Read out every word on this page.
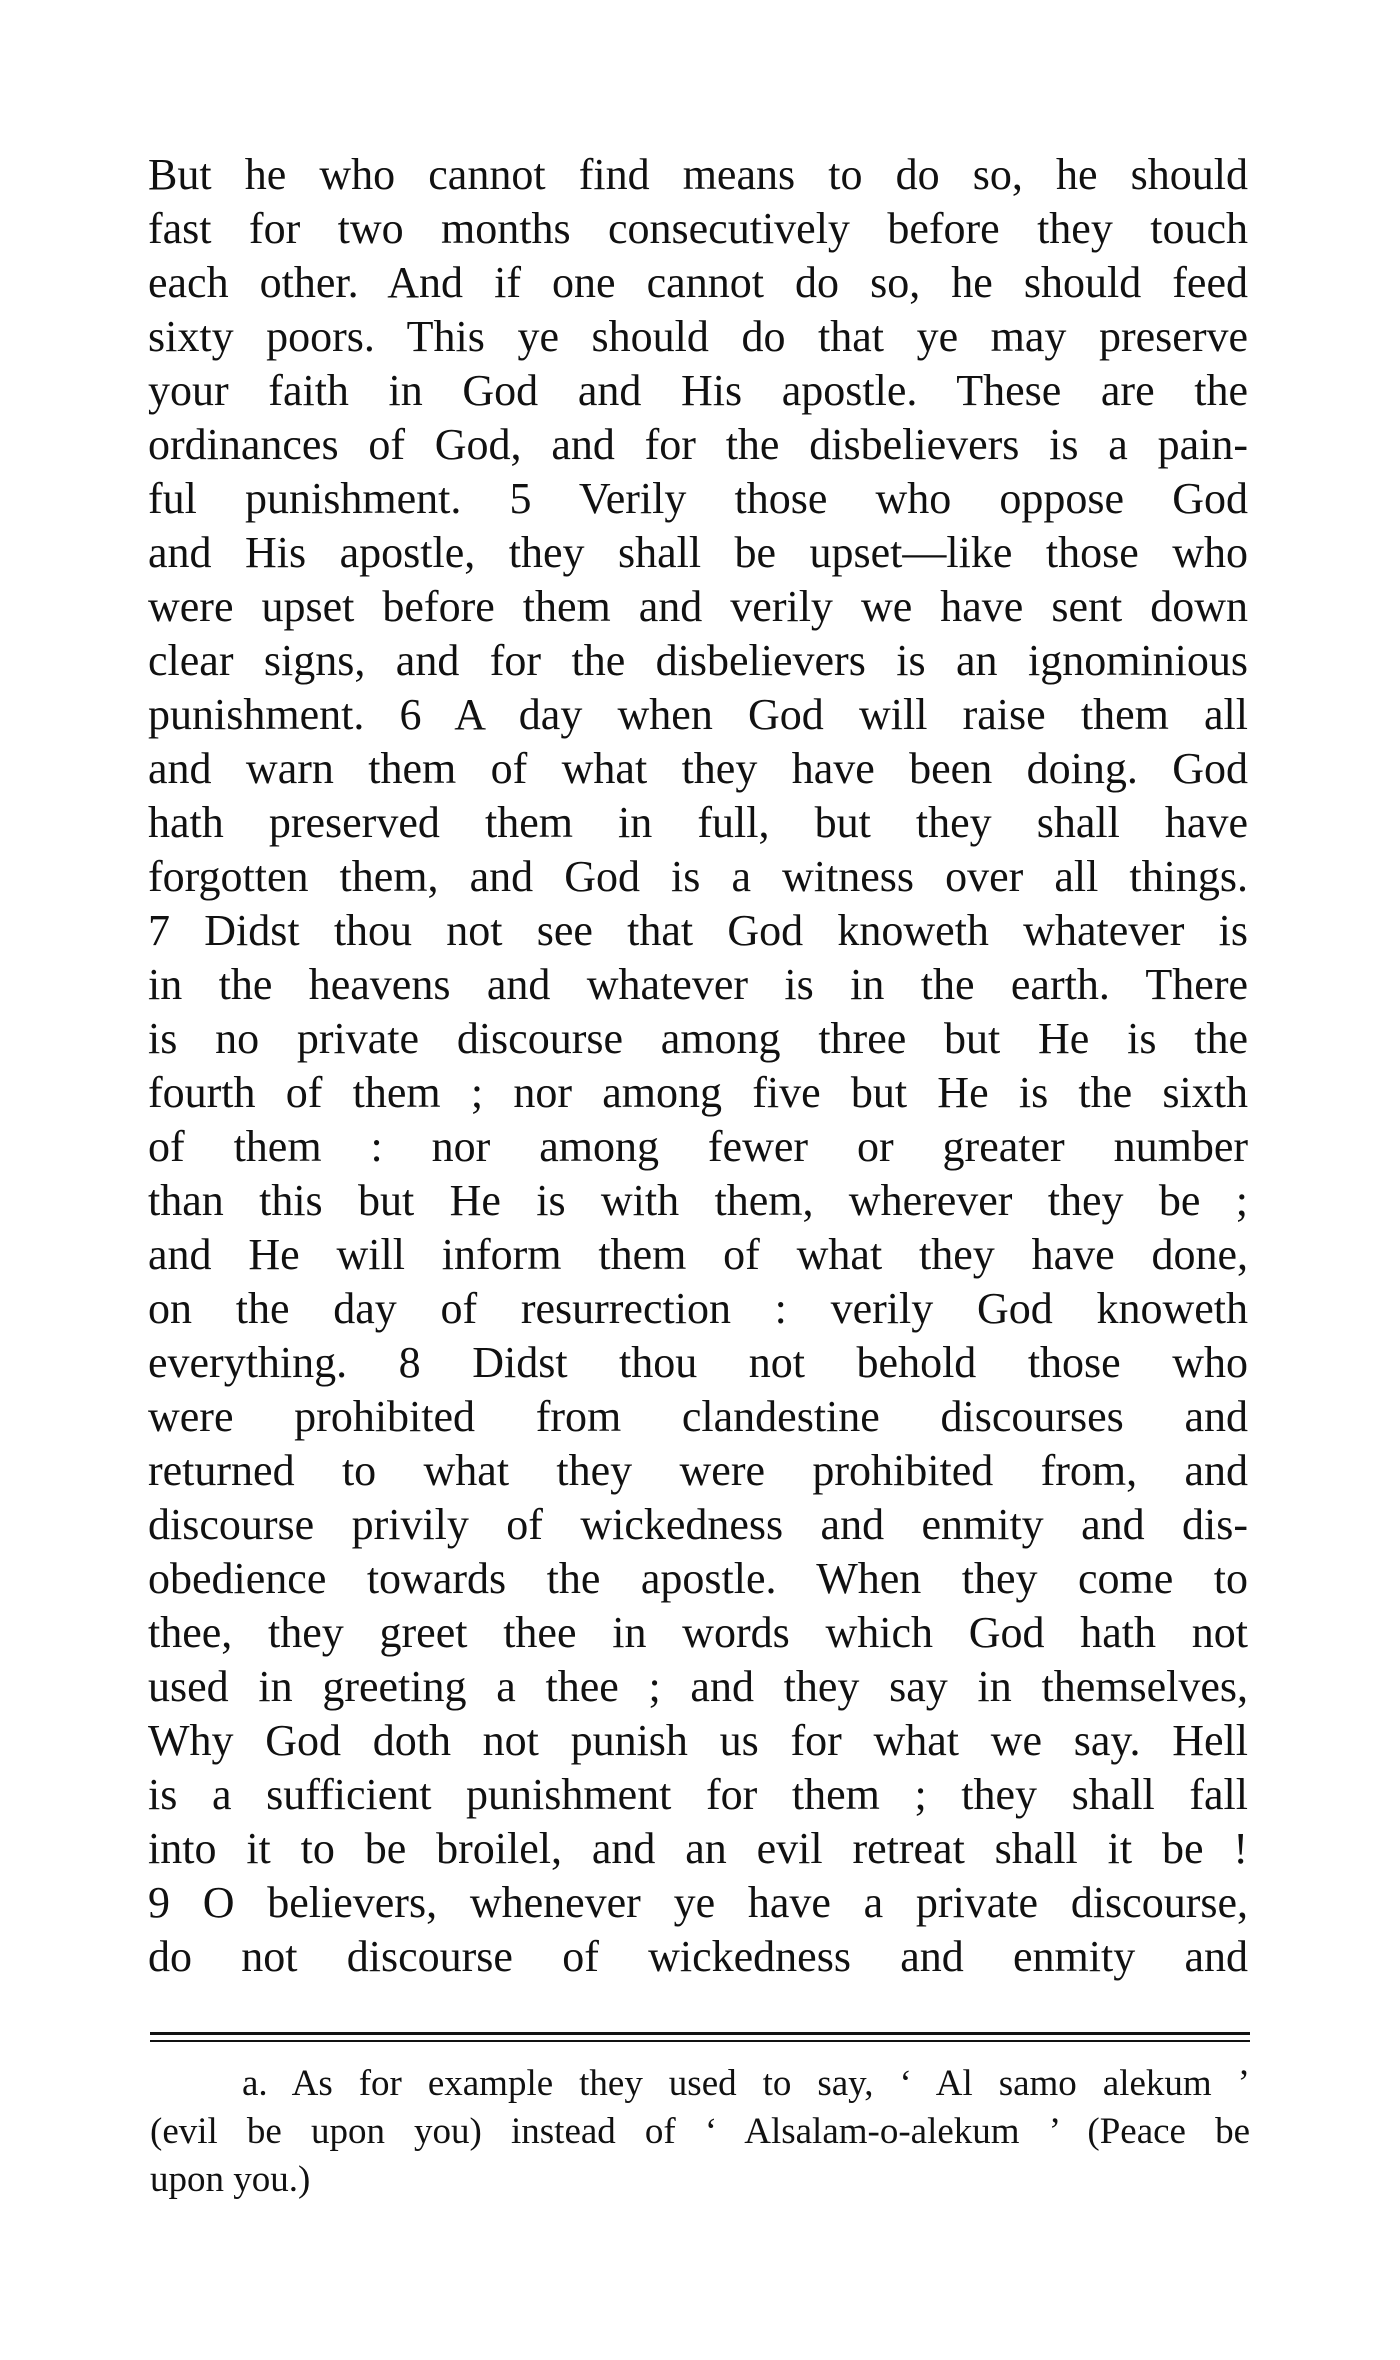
But he who cannot find means to do so, he should
fast for two months consecutively before they touch
each other. And if one cannot do so, he should feed
sixty poors. This ye should do that ye may preserve
your faith in God and His apostle. These are the
ordinances of God, and for the disbelievers is a pain-
ful punishment. 5 Verily those who oppose God
and His apostle, they shall be upset—like those who
were upset before them and verily we have sent down
clear signs, and for the disbelievers is an ignominious
punishment. 6 A day when God will raise them all
and warn them of what they have been doing. God
hath preserved them in full, but they shall have
forgotten them, and God is a witness over all things.
7 Didst thou not see that God knoweth whatever is
in the heavens and whatever is in the earth. There
is no private discourse among three but He is the
fourth of them ; nor among five but He is the sixth
of them : nor among fewer or greater number
than this but He is with them, wherever they be ;
and He will inform them of what they have done,
on the day of resurrection : verily God knoweth
everything. 8 Didst thou not behold those who
were prohibited from clandestine discourses and
returned to what they were prohibited from, and
discourse privily of wickedness and enmity and dis-
obedience towards the apostle. When they come to
thee, they greet thee in words which God hath not
used in greeting a thee ; and they say in themselves,
Why God doth not punish us for what we say. Hell
is a sufficient punishment for them ; they shall fall
into it to be broilel, and an evil retreat shall it be !
9 O believers, whenever ye have a private discourse,
do not discourse of wickedness and enmity and
a. As for example they used to say, ‘ Al samo alekum ’
(evil be upon you) instead of ‘ Alsalam-o-alekum ’ (Peace be
upon you.)
